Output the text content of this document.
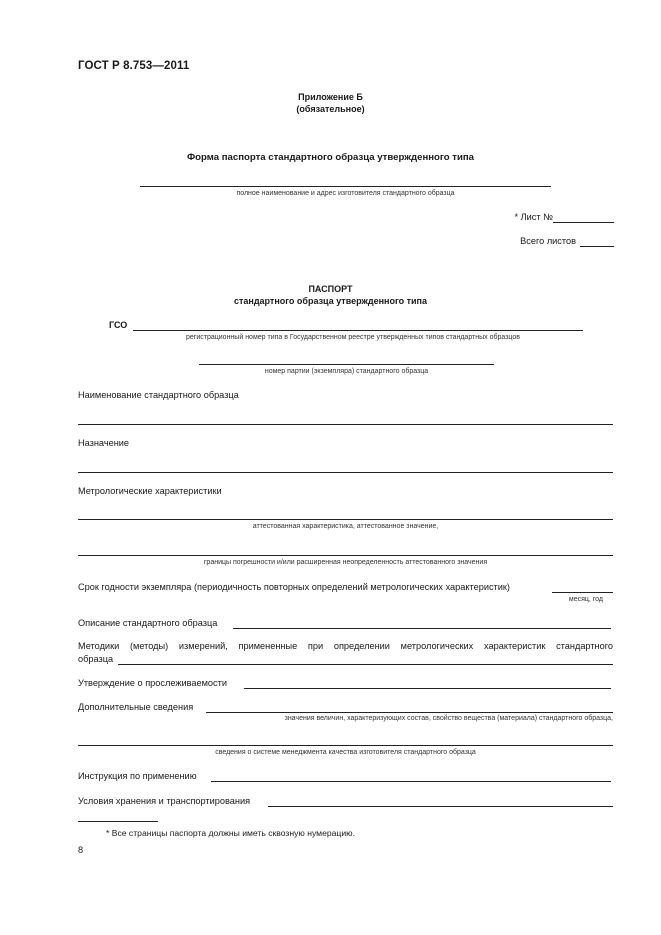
ГОСТ Р 8.753—2011
Приложение Б
(обязательное)
Форма паспорта стандартного образца утвержденного типа
полное наименование и адрес изготовителя стандартного образца
* Лист №
Всего листов
ПАСПОРТ
стандартного образца утвержденного типа
ГСО
регистрационный номер типа в Государственном реестре утвержденных типов стандартных образцов
номер партии (экземпляра) стандартного образца
Наименование стандартного образца
Назначение
Метрологические характеристики
аттестованная характеристика, аттестованное значение,
границы погрешности и/или расширенная неопределенность аттестованного значения
Срок годности экземпляра (периодичность повторных определений метрологических характеристик)
месяц, год
Описание стандартного образца
Методики (методы) измерений, примененные при определении метрологических характеристик стандартного
образца
Утверждение о прослеживаемости
Дополнительные сведения
значения величин, характеризующих состав, свойство вещества (материала) стандартного образца,
сведения о системе менеджмента качества изготовителя стандартного образца
Инструкция по применению
Условия хранения и транспортирования
* Все страницы паспорта должны иметь сквозную нумерацию.
8
